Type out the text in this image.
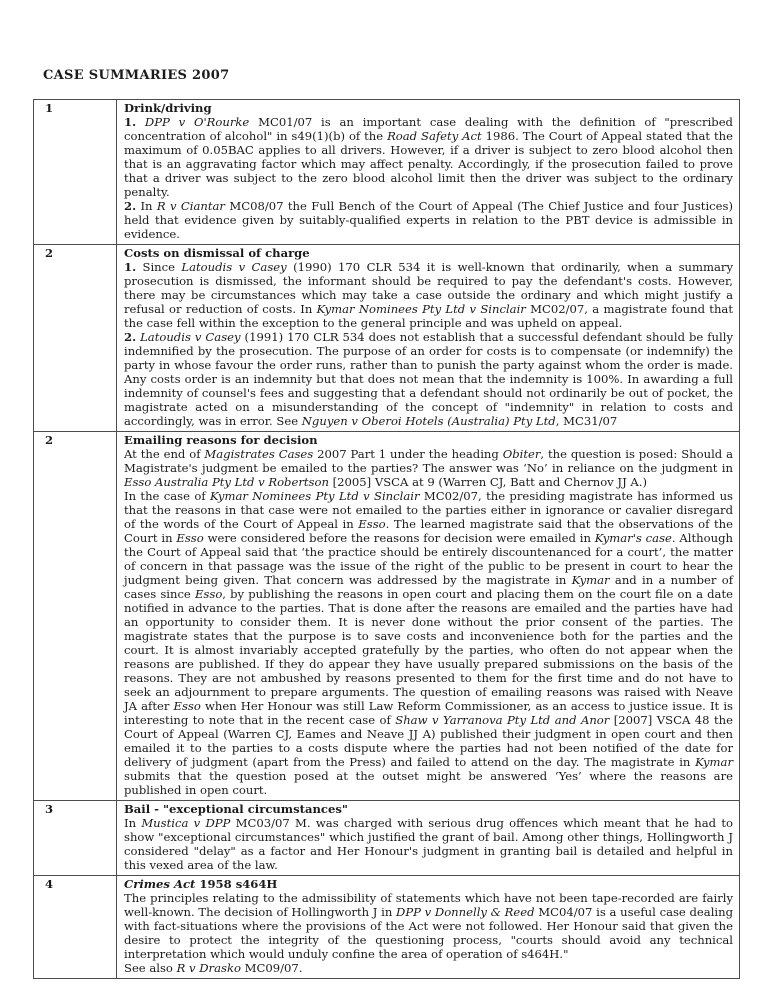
CASE SUMMARIES 2007
1	Drink/driving
1. DPP v O'Rourke MC01/07 is an important case dealing with the definition of "prescribed concentration of alcohol" in s49(1)(b) of the Road Safety Act 1986. The Court of Appeal stated that the maximum of 0.05BAC applies to all drivers. However, if a driver is subject to zero blood alcohol then that is an aggravating factor which may affect penalty. Accordingly, if the prosecution failed to prove that a driver was subject to the zero blood alcohol limit then the driver was subject to the ordinary penalty.
2. In R v Ciantar MC08/07 the Full Bench of the Court of Appeal (The Chief Justice and four Justices) held that evidence given by suitably-qualified experts in relation to the PBT device is admissible in evidence.

2	Costs on dismissal of charge
1. Since Latoudis v Casey (1990) 170 CLR 534 it is well-known that ordinarily, when a summary prosecution is dismissed, the informant should be required to pay the defendant's costs. However, there may be circumstances which may take a case outside the ordinary and which might justify a refusal or reduction of costs. In Kymar Nominees Pty Ltd v Sinclair MC02/07, a magistrate found that the case fell within the exception to the general principle and was upheld on appeal.
2. Latoudis v Casey (1991) 170 CLR 534 does not establish that a successful defendant should be fully indemnified by the prosecution. The purpose of an order for costs is to compensate (or indemnify) the party in whose favour the order runs, rather than to punish the party against whom the order is made. Any costs order is an indemnity but that does not mean that the indemnity is 100%. In awarding a full indemnity of counsel's fees and suggesting that a defendant should not ordinarily be out of pocket, the magistrate acted on a misunderstanding of the concept of "indemnity" in relation to costs and accordingly, was in error. See Nguyen v Oberoi Hotels (Australia) Pty Ltd, MC31/07

2	Emailing reasons for decision
At the end of Magistrates Cases 2007 Part 1 under the heading Obiter, the question is posed: Should a Magistrate's judgment be emailed to the parties? The answer was ‘No’ in reliance on the judgment in Esso Australia Pty Ltd v Robertson [2005] VSCA at 9 (Warren CJ, Batt and Chernov JJ A.)
In the case of Kymar Nominees Pty Ltd v Sinclair MC02/07, the presiding magistrate has informed us that the reasons in that case were not emailed to the parties either in ignorance or cavalier disregard of the words of the Court of Appeal in Esso. The learned magistrate said that the observations of the Court in Esso were considered before the reasons for decision were emailed in Kymar's case. Although the Court of Appeal said that ‘the practice should be entirely discountenanced for a court’, the matter of concern in that passage was the issue of the right of the public to be present in court to hear the judgment being given. That concern was addressed by the magistrate in Kymar and in a number of cases since Esso, by publishing the reasons in open court and placing them on the court file on a date notified in advance to the parties. That is done after the reasons are emailed and the parties have had an opportunity to consider them. It is never done without the prior consent of the parties. The magistrate states that the purpose is to save costs and inconvenience both for the parties and the court. It is almost invariably accepted gratefully by the parties, who often do not appear when the reasons are published. If they do appear they have usually prepared submissions on the basis of the reasons. They are not ambushed by reasons presented to them for the first time and do not have to seek an adjournment to prepare arguments. The question of emailing reasons was raised with Neave JA after Esso when Her Honour was still Law Reform Commissioner, as an access to justice issue. It is interesting to note that in the recent case of Shaw v Yarranova Pty Ltd and Anor [2007] VSCA 48 the Court of Appeal (Warren CJ, Eames and Neave JJ A) published their judgment in open court and then emailed it to the parties to a costs dispute where the parties had not been notified of the date for delivery of judgment (apart from the Press) and failed to attend on the day. The magistrate in Kymar submits that the question posed at the outset might be answered ‘Yes’ where the reasons are published in open court.

3	Bail - "exceptional circumstances"
In Mustica v DPP MC03/07 M. was charged with serious drug offences which meant that he had to show "exceptional circumstances" which justified the grant of bail. Among other things, Hollingworth J considered "delay" as a factor and Her Honour's judgment in granting bail is detailed and helpful in this vexed area of the law.

4	Crimes Act 1958 s464H
The principles relating to the admissibility of statements which have not been tape-recorded are fairly well-known. The decision of Hollingworth J in DPP v Donnelly & Reed MC04/07 is a useful case dealing with fact-situations where the provisions of the Act were not followed. Her Honour said that given the desire to protect the integrity of the questioning process, "courts should avoid any technical interpretation which would unduly confine the area of operation of s464H."
See also R v Drasko MC09/07.
